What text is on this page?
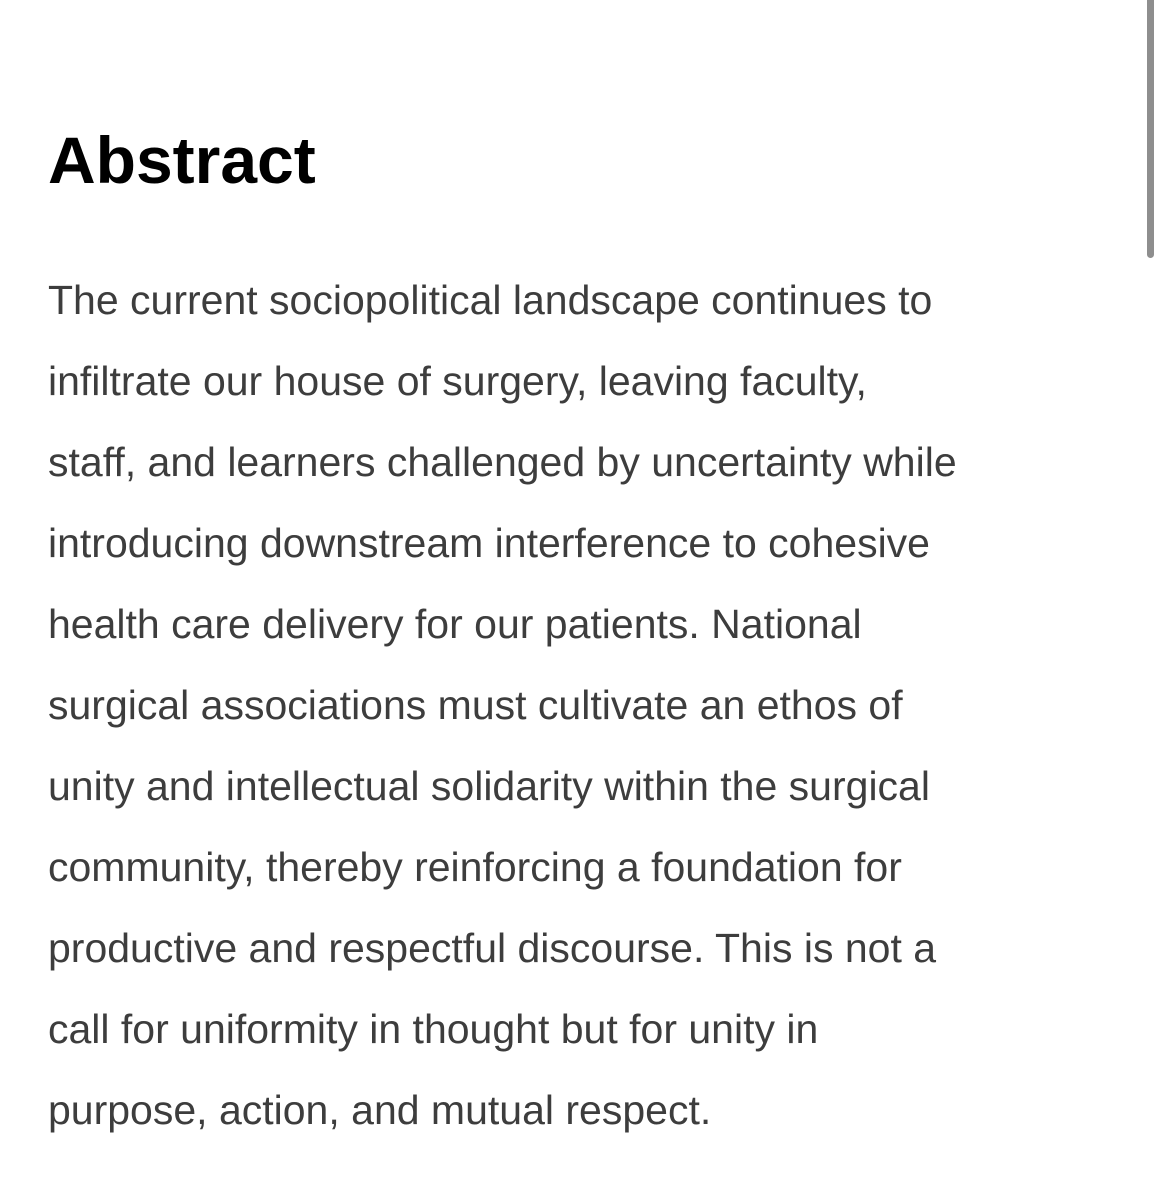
Abstract

The current sociopolitical landscape continues to
infiltrate our house of surgery, leaving faculty,
staff, and learners challenged by uncertainty while
introducing downstream interference to cohesive
health care delivery for our patients. National
surgical associations must cultivate an ethos of
unity and intellectual solidarity within the surgical
community, thereby reinforcing a foundation for
productive and respectful discourse. This is not a
call for uniformity in thought but for unity in
purpose, action, and mutual respect.
